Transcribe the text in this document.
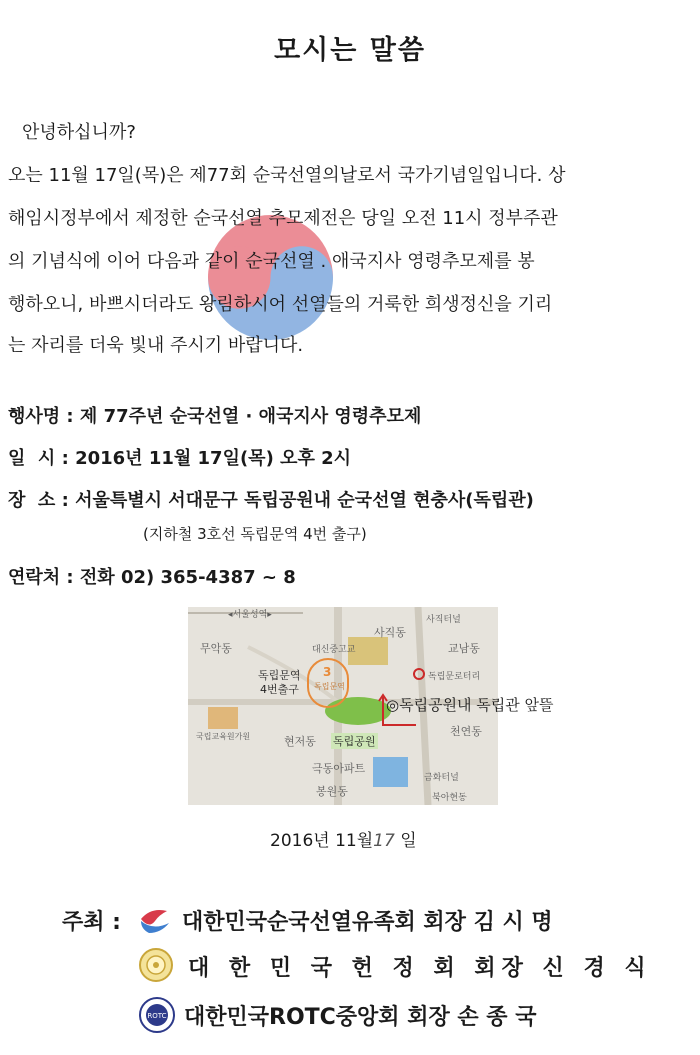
모시는 말씀
안녕하십니까?
오는 11월 17일(목)은 제77회 순국선열의날로서 국가기념일입니다. 상
해임시정부에서 제정한 순국선열 추모제전은 당일 오전 11시 정부주관
의 기념식에 이어 다음과 같이 순국선열 . 애국지사 영령추모제를 봉
행하오니, 바쁘시더라도 왕림하시어 선열들의 거룩한 희생정신을 기리
는 자리를 더욱 빛내 주시기 바랍니다.
행사명 : 제 77주년 순국선열 · 애국지사 영령추모제
일  시 : 2016년 11월 17일(목) 오후 2시
장  소 : 서울특별시 서대문구 독립공원내 순국선열 현충사(독립관)
(지하철 3호선 독립문역 4번 출구)
연락처 : 전화 02) 365-4387 ~ 8
◂서울성역▸	사직터널
사직동
무악동	대신중고교	교남동
독립문역
4번출구
3
독립문역
독립문로터리
국립교육원가원	현저동 독립공원
천연동
극동아파트
금화터널
봉원동	북아현동
◎독립공원내 독립관 앞뜰
2016년 11월17 일
주최 :	대한민국순국선열유족회 회장 김 시 명
대 한 민 국 헌 정 회 회장 신 경 식
ROTC 대한민국ROTC중앙회 회장 손 종 국
